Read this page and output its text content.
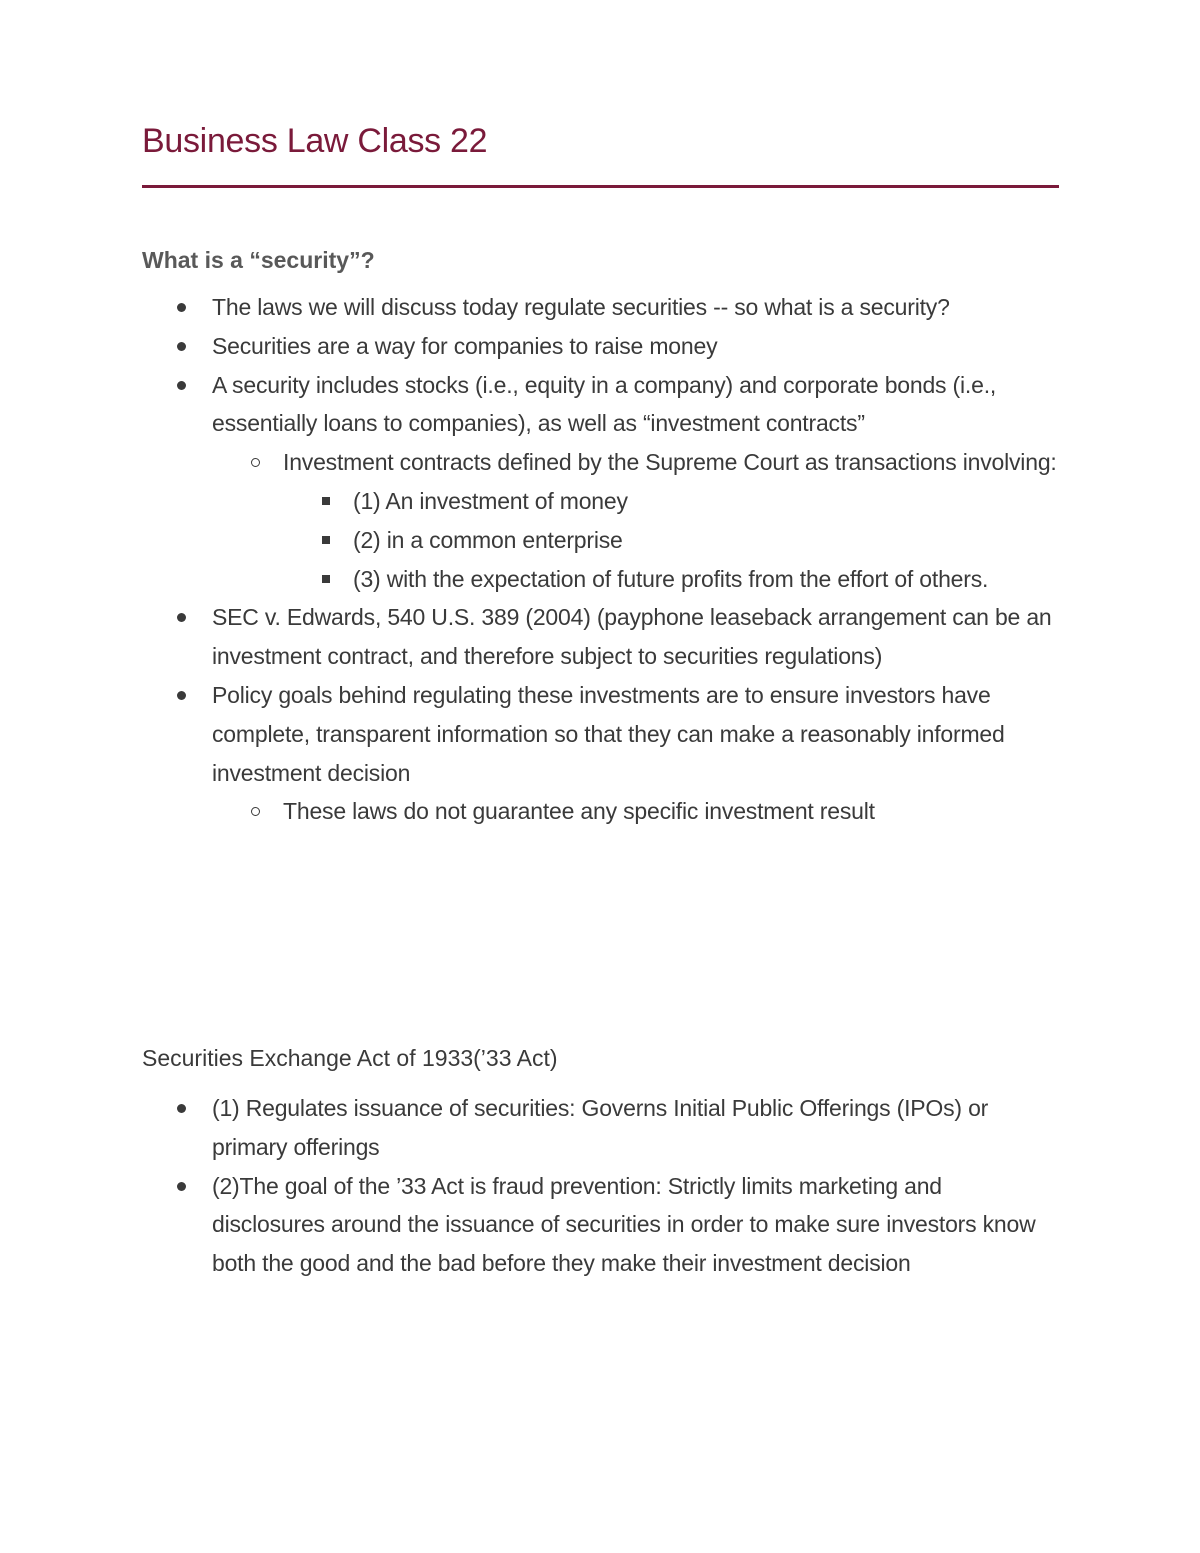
Business Law Class 22
What is a “security”?
The laws we will discuss today regulate securities -- so what is a security?
Securities are a way for companies to raise money
A security includes stocks (i.e., equity in a company) and corporate bonds (i.e., essentially loans to companies), as well as “investment contracts”
Investment contracts defined by the Supreme Court as transactions involving:
(1) An investment of money
(2) in a common enterprise
(3) with the expectation of future profits from the effort of others.
SEC v. Edwards, 540 U.S. 389 (2004) (payphone leaseback arrangement can be an investment contract, and therefore subject to securities regulations)
Policy goals behind regulating these investments are to ensure investors have complete, transparent information so that they can make a reasonably informed investment decision
These laws do not guarantee any specific investment result
Securities Exchange Act of 1933(’33 Act)
(1) Regulates issuance of securities: Governs Initial Public Offerings (IPOs) or primary offerings
(2)The goal of the ’33 Act is fraud prevention: Strictly limits marketing and disclosures around the issuance of securities in order to make sure investors know both the good and the bad before they make their investment decision
